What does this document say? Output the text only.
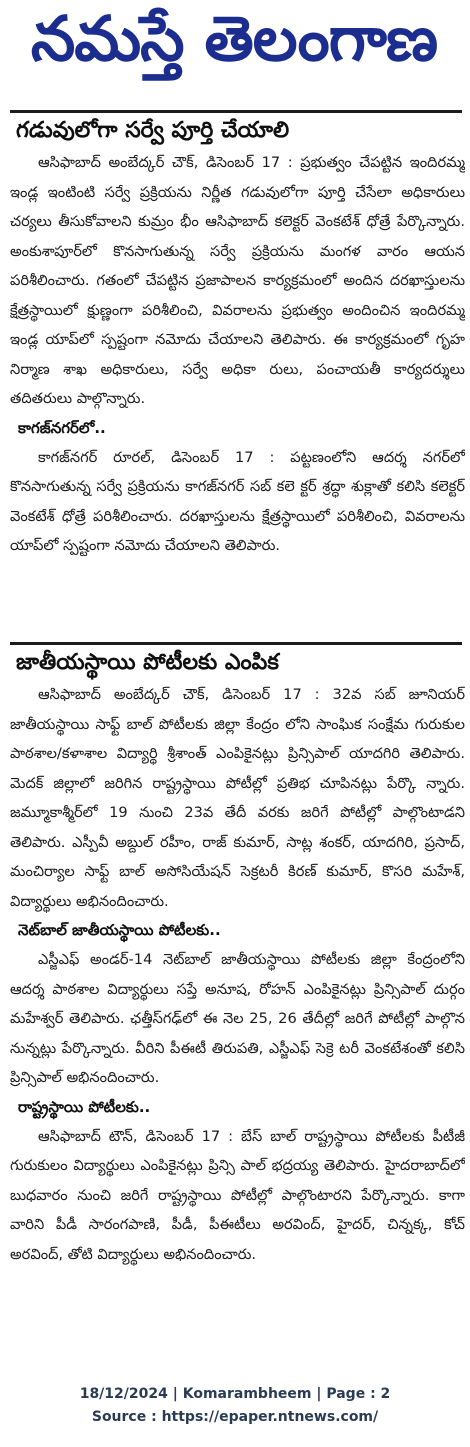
నమస్తే తెలంగాణ
గడువులోగా సర్వే పూర్తి చేయాలి

ఆసిఫాబాద్ అంబేద్కర్ చౌక్, డిసెంబర్ 17 : ప్రభుత్వం చేపట్టిన ఇందిరమ్మ ఇండ్ల ఇంటింటి సర్వే ప్రక్రియను నిర్ణీత గడువులోగా పూర్తి చేసేలా అధికారులు చర్యలు తీసుకోవాలని కుమ్రం భీం ఆసిఫాబాద్ కలెక్టర్ వెంకటేశ్ ధోత్రే పేర్కొన్నారు. అంకుశాపూర్‌లో కొనసాగుతున్న సర్వే ప్రక్రియను మంగళ వారం ఆయన పరిశీలించారు. గతంలో చేపట్టిన ప్రజాపాలన కార్యక్రమంలో అందిన దరఖాస్తులను క్షేత్రస్థాయిలో క్షుణ్ణంగా పరిశీలించి, వివరాలను ప్రభుత్వం అందించిన ఇందిరమ్మ ఇండ్ల యాప్‌లో స్పష్టంగా నమోదు చేయాలని తెలిపారు. ఈ కార్యక్రమంలో గృహ నిర్మాణ శాఖ అధికారులు, సర్వే అధికా రులు, పంచాయతీ కార్యదర్శులు తదితరులు పాల్గొన్నారు.

కాగజ్‌నగర్‌లో..

కాగజ్‌నగర్ రూరల్, డిసెంబర్ 17 : పట్టణంలోని ఆదర్శ నగర్‌లో కొనసాగుతున్న సర్వే ప్రక్రియను కాగజ్‌నగర్ సబ్ కలె క్టర్ శ్రద్ధా శుక్లాతో కలిసి కలెక్టర్ వెంకటేశ్ ధోత్రే పరిశీలించారు. దరఖాస్తులను క్షేత్రస్థాయిలో పరిశీలించి, వివరాలను యాప్‌లో స్పష్టంగా నమోదు చేయాలని తెలిపారు.

జాతీయస్థాయి పోటీలకు ఎంపిక

ఆసిఫాబాద్ అంబేద్కర్ చౌక్, డిసెంబర్ 17 : 32వ సబ్ జూనియర్ జాతీయస్థాయి సాఫ్ట్ బాల్ పోటీలకు జిల్లా కేంద్రం లోని సాంఘిక సంక్షేమ గురుకుల పాఠశాల/కళాశాల విద్యార్థి శ్రీశాంత్ ఎంపికైనట్లు ప్రిన్సిపాల్ యాదగిరి తెలిపారు. మెదక్ జిల్లాలో జరిగిన రాష్ట్రస్థాయి పోటీల్లో ప్రతిభ చూపినట్లు పేర్కొ న్నారు. జమ్మూకాశ్మీర్‌లో 19 నుంచి 23వ తేదీ వరకు జరిగే పోటీల్లో పాల్గొంటాడని తెలిపారు. ఎస్పీవీ అబ్దుల్ రహీం, రాజ్ కుమార్, సాట్ల శంకర్, యాదగిరి, ప్రసాద్, మంచిర్యాల సాఫ్ట్ బాల్ అసోసియేషన్ సెక్రటరీ కిరణ్ కుమార్, కొసరి మహేశ్, విద్యార్థులు అభినందించారు.

నెట్‌బాల్ జాతీయస్థాయి పోటీలకు..

ఎస్జీఎఫ్ అండర్-14 నెట్‌బాల్ జాతీయస్థాయి పోటీలకు జిల్లా కేంద్రంలోని ఆదర్శ పాఠశాల విద్యార్థులు సప్తే అనూష, రోహన్ ఎంపికైనట్లు ప్రిన్సిపాల్ దుర్గం మహేశ్వర్ తెలిపారు. ఛత్తీస్‌గఢ్‌లో ఈ నెల 25, 26 తేదీల్లో జరిగే పోటీల్లో పాల్గొన నున్నట్లు పేర్కొన్నారు. వీరిని పీఈటీ తిరుపతి, ఎస్జీఎఫ్ సెక్రె టరీ వెంకటేశంతో కలిసి ప్రిన్సిపాల్ అభినందించారు.

రాష్ట్రస్థాయి పోటీలకు..

ఆసిఫాబాద్ టౌన్, డిసెంబర్ 17 : బేస్ బాల్ రాష్ట్రస్థాయి పోటీలకు పీటీజీ గురుకులం విద్యార్థులు ఎంపికైనట్లు ప్రిన్సి పాల్ భద్రయ్య తెలిపారు. హైదరాబాద్‌లో బుధవారం నుంచి జరిగే రాష్ట్రస్థాయి పోటీల్లో పాల్గొంటారని పేర్కొన్నారు. కాగా వారిని పీడీ సారంగపాణి, పీడీ, పీఈటీలు అరవింద్, హైదర్, చిన్నక్క, కోచ్ అరవింద్, తోటి విద్యార్థులు అభినందించారు.

18/12/2024 | Komarambheem | Page : 2
Source : https://epaper.ntnews.com/
